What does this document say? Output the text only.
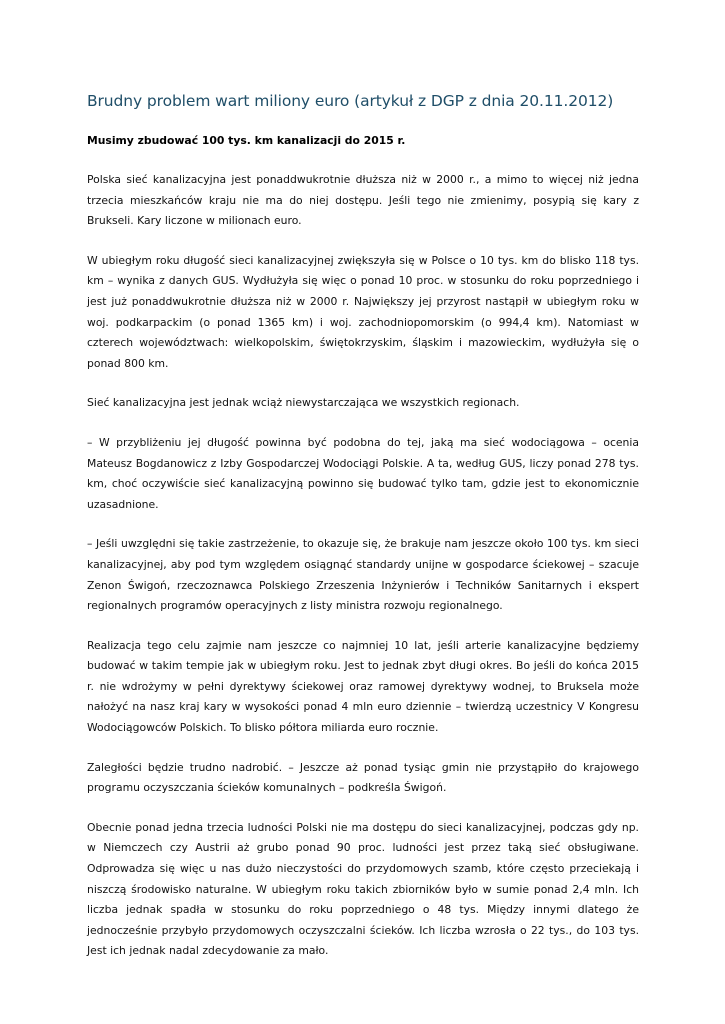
Brudny problem wart miliony euro (artykuł z DGP z dnia 20.11.2012)

Musimy zbudować 100 tys. km kanalizacji do 2015 r.

Polska sieć kanalizacyjna jest ponaddwukrotnie dłuższa niż w 2000 r., a mimo to więcej niż jedna trzecia mieszkańców kraju nie ma do niej dostępu. Jeśli tego nie zmienimy, posypią się kary z Brukseli. Kary liczone w milionach euro.

W ubiegłym roku długość sieci kanalizacyjnej zwiększyła się w Polsce o 10 tys. km do blisko 118 tys. km – wynika z danych GUS. Wydłużyła się więc o ponad 10 proc. w stosunku do roku poprzedniego i jest już ponaddwukrotnie dłuższa niż w 2000 r. Największy jej przyrost nastąpił w ubiegłym roku w woj. podkarpackim (o ponad 1365 km) i woj. zachodniopomorskim (o 994,4 km). Natomiast w czterech województwach: wielkopolskim, świętokrzyskim, śląskim i mazowieckim, wydłużyła się o ponad 800 km.

Sieć kanalizacyjna jest jednak wciąż niewystarczająca we wszystkich regionach.

– W przybliżeniu jej długość powinna być podobna do tej, jaką ma sieć wodociągowa – ocenia Mateusz Bogdanowicz z Izby Gospodarczej Wodociągi Polskie. A ta, według GUS, liczy ponad 278 tys. km, choć oczywiście sieć kanalizacyjną powinno się budować tylko tam, gdzie jest to ekonomicznie uzasadnione.

– Jeśli uwzględni się takie zastrzeżenie, to okazuje się, że brakuje nam jeszcze około 100 tys. km sieci kanalizacyjnej, aby pod tym względem osiągnąć standardy unijne w gospodarce ściekowej – szacuje Zenon Świgoń, rzeczoznawca Polskiego Zrzeszenia Inżynierów i Techników Sanitarnych i ekspert regionalnych programów operacyjnych z listy ministra rozwoju regionalnego.

Realizacja tego celu zajmie nam jeszcze co najmniej 10 lat, jeśli arterie kanalizacyjne będziemy budować w takim tempie jak w ubiegłym roku. Jest to jednak zbyt długi okres. Bo jeśli do końca 2015 r. nie wdrożymy w pełni dyrektywy ściekowej oraz ramowej dyrektywy wodnej, to Bruksela może nałożyć na nasz kraj kary w wysokości ponad 4 mln euro dziennie – twierdzą uczestnicy V Kongresu Wodociągowców Polskich. To blisko półtora miliarda euro rocznie.

Zaległości będzie trudno nadrobić. – Jeszcze aż ponad tysiąc gmin nie przystąpiło do krajowego programu oczyszczania ścieków komunalnych – podkreśla Świgoń.

Obecnie ponad jedna trzecia ludności Polski nie ma dostępu do sieci kanalizacyjnej, podczas gdy np. w Niemczech czy Austrii aż grubo ponad 90 proc. ludności jest przez taką sieć obsługiwane. Odprowadza się więc u nas dużo nieczystości do przydomowych szamb, które często przeciekają i niszczą środowisko naturalne. W ubiegłym roku takich zbiorników było w sumie ponad 2,4 mln. Ich liczba jednak spadła w stosunku do roku poprzedniego o 48 tys. Między innymi dlatego że jednocześnie przybyło przydomowych oczyszczalni ścieków. Ich liczba wzrosła o 22 tys., do 103 tys. Jest ich jednak nadal zdecydowanie za mało.
